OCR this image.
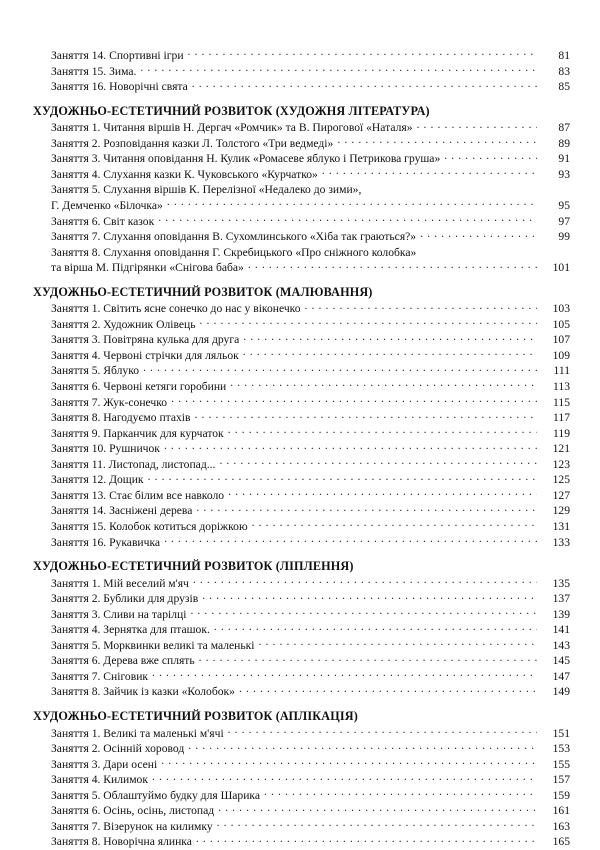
Заняття 14. Спортивні ігри . . .	81
Заняття 15. Зима. . . .	83
Заняття 16. Новорічні свята . . .	85
ХУДОЖНЬО-ЕСТЕТИЧНИЙ РОЗВИТОК (ХУДОЖНЯ ЛІТЕРАТУРА)
Заняття 1. Читання віршів Н. Дергач «Ромчик» та В. Пирогової «Наталя» . . .	87
Заняття 2. Розповідання казки Л. Толстого «Три ведмеді» . . .	89
Заняття 3. Читання оповідання Н. Кулик «Ромасеве яблуко і Петрикова груша» . . .	91
Заняття 4. Слухання казки К. Чуковського «Курчатко» . . .	93
Заняття 5. Слухання віршів К. Перелізної «Недалеко до зими»,
Г. Демченко «Білочка» . . .	95
Заняття 6. Світ казок . . .	97
Заняття 7. Слухання оповідання В. Сухомлинського «Хіба так граються?» . . .	99
Заняття 8. Слухання оповідання Г. Скребицького «Про сніжного колобка»
та вірша М. Підгірянки «Снігова баба» . . .	101
ХУДОЖНЬО-ЕСТЕТИЧНИЙ РОЗВИТОК (МАЛЮВАННЯ)
Заняття 1. Світить ясне сонечко до нас у віконечко . . .	103
Заняття 2. Художник Олівець . . .	105
Заняття 3. Повітряна кулька для друга . . .	107
Заняття 4. Червоні стрічки для ляльок . . .	109
Заняття 5. Яблуко . . .	111
Заняття 6. Червоні кетяги горобини . . .	113
Заняття 7. Жук-сонечко . . .	115
Заняття 8. Нагодуємо птахів . . .	117
Заняття 9. Парканчик для курчаток . . .	119
Заняття 10. Рушничок . . .	121
Заняття 11. Листопад, листопад... . . .	123
Заняття 12. Дощик . . .	125
Заняття 13. Стає білим все навколо . . .	127
Заняття 14. Засніжені дерева . . .	129
Заняття 15. Колобок котиться доріжкою . . .	131
Заняття 16. Рукавичка . . .	133
ХУДОЖНЬО-ЕСТЕТИЧНИЙ РОЗВИТОК (ЛІПЛЕННЯ)
Заняття 1. Мій веселий м'яч . . .	135
Заняття 2. Бублики для друзів . . .	137
Заняття 3. Сливи на тарілці . . .	139
Заняття 4. Зернятка для пташок. . . .	141
Заняття 5. Морквинки великі та маленькі . . .	143
Заняття 6. Дерева вже сплять . . .	145
Заняття 7. Сніговик . . .	147
Заняття 8. Зайчик із казки «Колобок» . . .	149
ХУДОЖНЬО-ЕСТЕТИЧНИЙ РОЗВИТОК (АПЛІКАЦІЯ)
Заняття 1. Великі та маленькі м'ячі . . .	151
Заняття 2. Осінній хоровод . . .	153
Заняття 3. Дари осені . . .	155
Заняття 4. Килимок . . .	157
Заняття 5. Облаштуймо будку для Шарика . . .	159
Заняття 6. Осінь, осінь, листопад . . .	161
Заняття 7. Візерунок на килимку . . .	163
Заняття 8. Новорічна ялинка . . .	165
